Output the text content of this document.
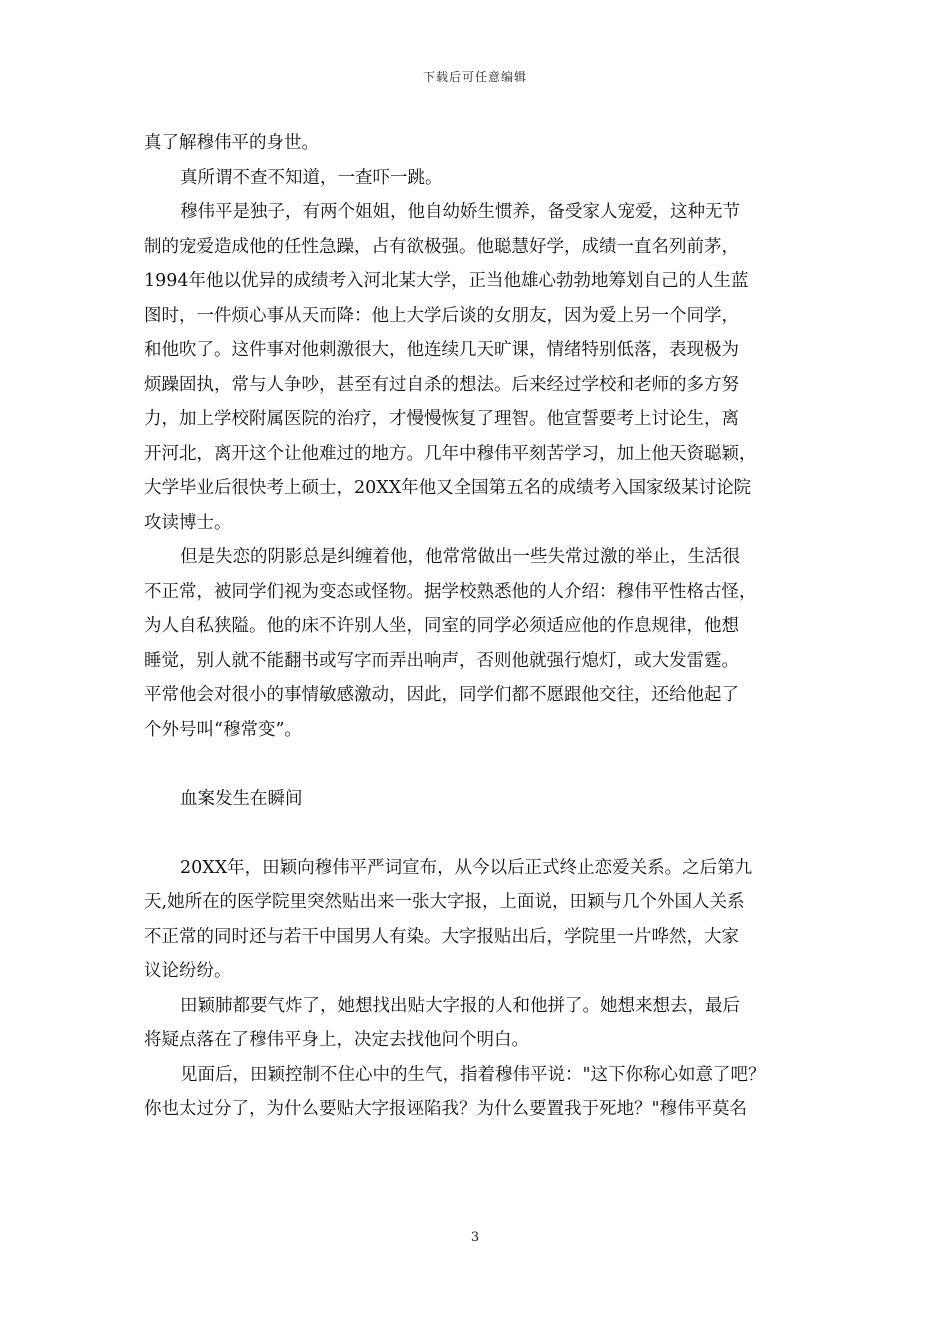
下载后可任意编辑
真了解穆伟平的身世。
真所谓不查不知道，一查吓一跳。
穆伟平是独子，有两个姐姐，他自幼娇生惯养，备受家人宠爱，这种无节
制的宠爱造成他的任性急躁，占有欲极强。他聪慧好学，成绩一直名列前茅，
1994年他以优异的成绩考入河北某大学，正当他雄心勃勃地筹划自己的人生蓝
图时，一件烦心事从天而降：他上大学后谈的女朋友，因为爱上另一个同学，
和他吹了。这件事对他刺激很大，他连续几天旷课，情绪特别低落，表现极为
烦躁固执，常与人争吵，甚至有过自杀的想法。后来经过学校和老师的多方努
力，加上学校附属医院的治疗，才慢慢恢复了理智。他宣誓要考上讨论生，离
开河北，离开这个让他难过的地方。几年中穆伟平刻苦学习，加上他天资聪颖，
大学毕业后很快考上硕士，20XX年他又全国第五名的成绩考入国家级某讨论院
攻读博士。
但是失恋的阴影总是纠缠着他，他常常做出一些失常过激的举止，生活很
不正常，被同学们视为变态或怪物。据学校熟悉他的人介绍：穆伟平性格古怪，
为人自私狭隘。他的床不许别人坐，同室的同学必须适应他的作息规律，他想
睡觉，别人就不能翻书或写字而弄出响声，否则他就强行熄灯，或大发雷霆。
平常他会对很小的事情敏感激动，因此，同学们都不愿跟他交往，还给他起了
个外号叫“穆常变”。
血案发生在瞬间
20XX年，田颖向穆伟平严词宣布，从今以后正式终止恋爱关系。之后第九
天,她所在的医学院里突然贴出来一张大字报，上面说，田颖与几个外国人关系
不正常的同时还与若干中国男人有染。大字报贴出后，学院里一片哗然，大家
议论纷纷。
田颖肺都要气炸了，她想找出贴大字报的人和他拼了。她想来想去，最后
将疑点落在了穆伟平身上，决定去找他问个明白。
见面后，田颖控制不住心中的生气，指着穆伟平说："这下你称心如意了吧？
你也太过分了，为什么要贴大字报诬陷我？为什么要置我于死地？"穆伟平莫名
3
